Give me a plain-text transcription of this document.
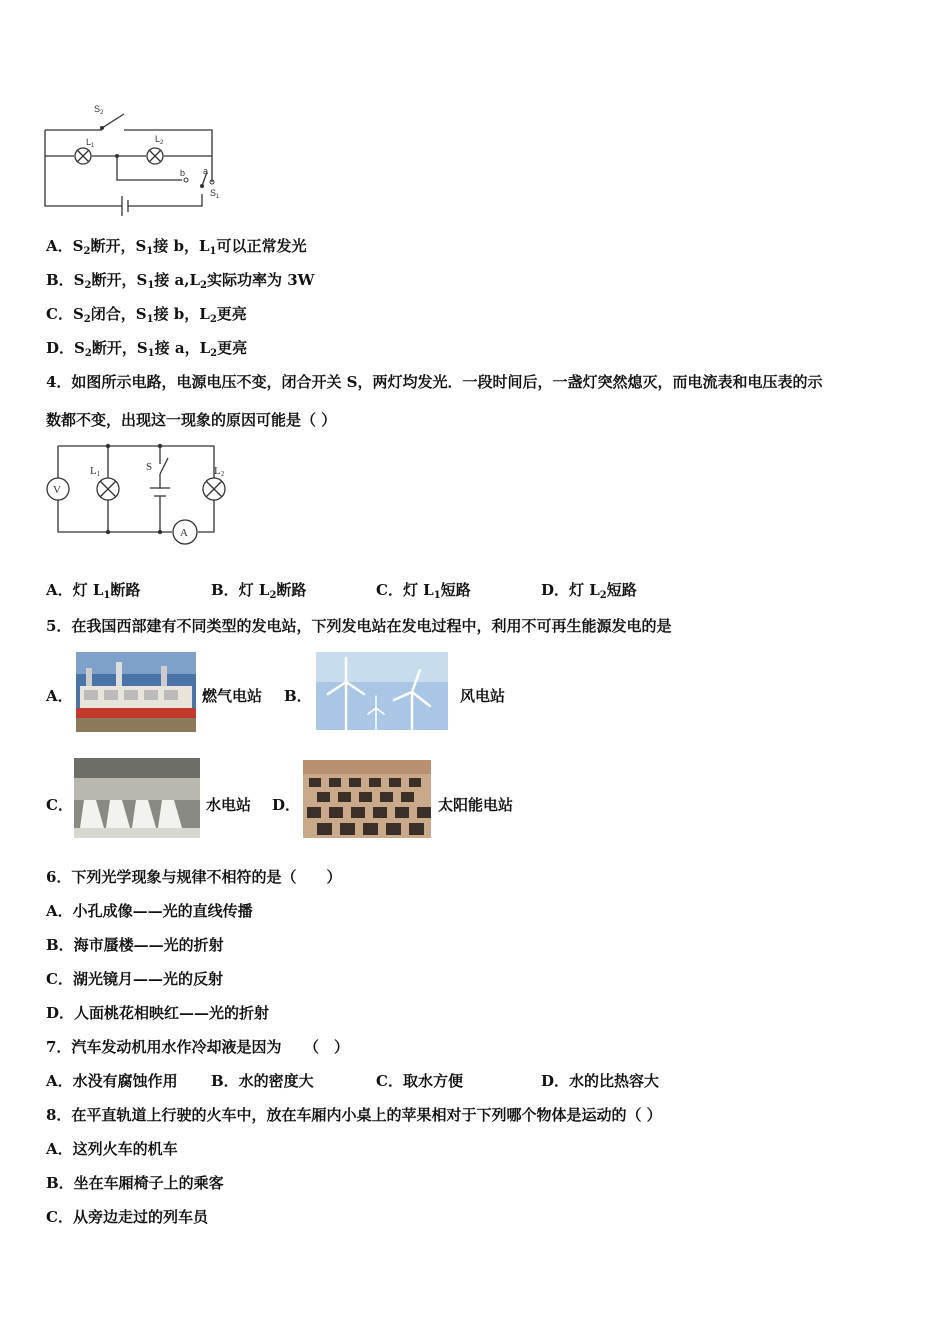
$S_2$
$L_1$
$L_2$
b a
$S_1$
A．$S_2$断开，$S_1$接 b，$L_1$可以正常发光
B．$S_2$断开，$S_1$接 $a,L_2$实际功率为 3W
C．$S_2$闭合，$S_1$接 b，$L_2$更亮
D．$S_2$断开，$S_1$接 a，$L_2$更亮
4．如图所示电路，电源电压不变，闭合开关 S，两灯均发光．一段时间后，一盏灯突然熄灭，而电流表和电压表的示
数都不变，出现这一现象的原因可能是（ ）
V
L1
S	L2
A
A．灯 $L_1$断路	B．灯 $L_2$断路	C．灯 $L_1$短路	D．灯 $L_2$短路
5．在我国西部建有不同类型的发电站，下列发电站在发电过程中，利用不可再生能源发电的是
A．	燃气电站 B．	风电站
C．	水电站 D．	太阳能电站
6．下列光学现象与规律不相符的是（　　）
A．小孔成像——光的直线传播
B．海市蜃楼——光的折射
C．湖光镜月——光的反射
D．人面桃花相映红——光的折射
7．汽车发动机用水作冷却液是因为　　（　）
A．水没有腐蚀作用 B．水的密度大	C．取水方便	D．水的比热容大
8．在平直轨道上行驶的火车中，放在车厢内小桌上的苹果相对于下列哪个物体是运动的（ ）
A．这列火车的机车
B．坐在车厢椅子上的乘客
C．从旁边走过的列车员
